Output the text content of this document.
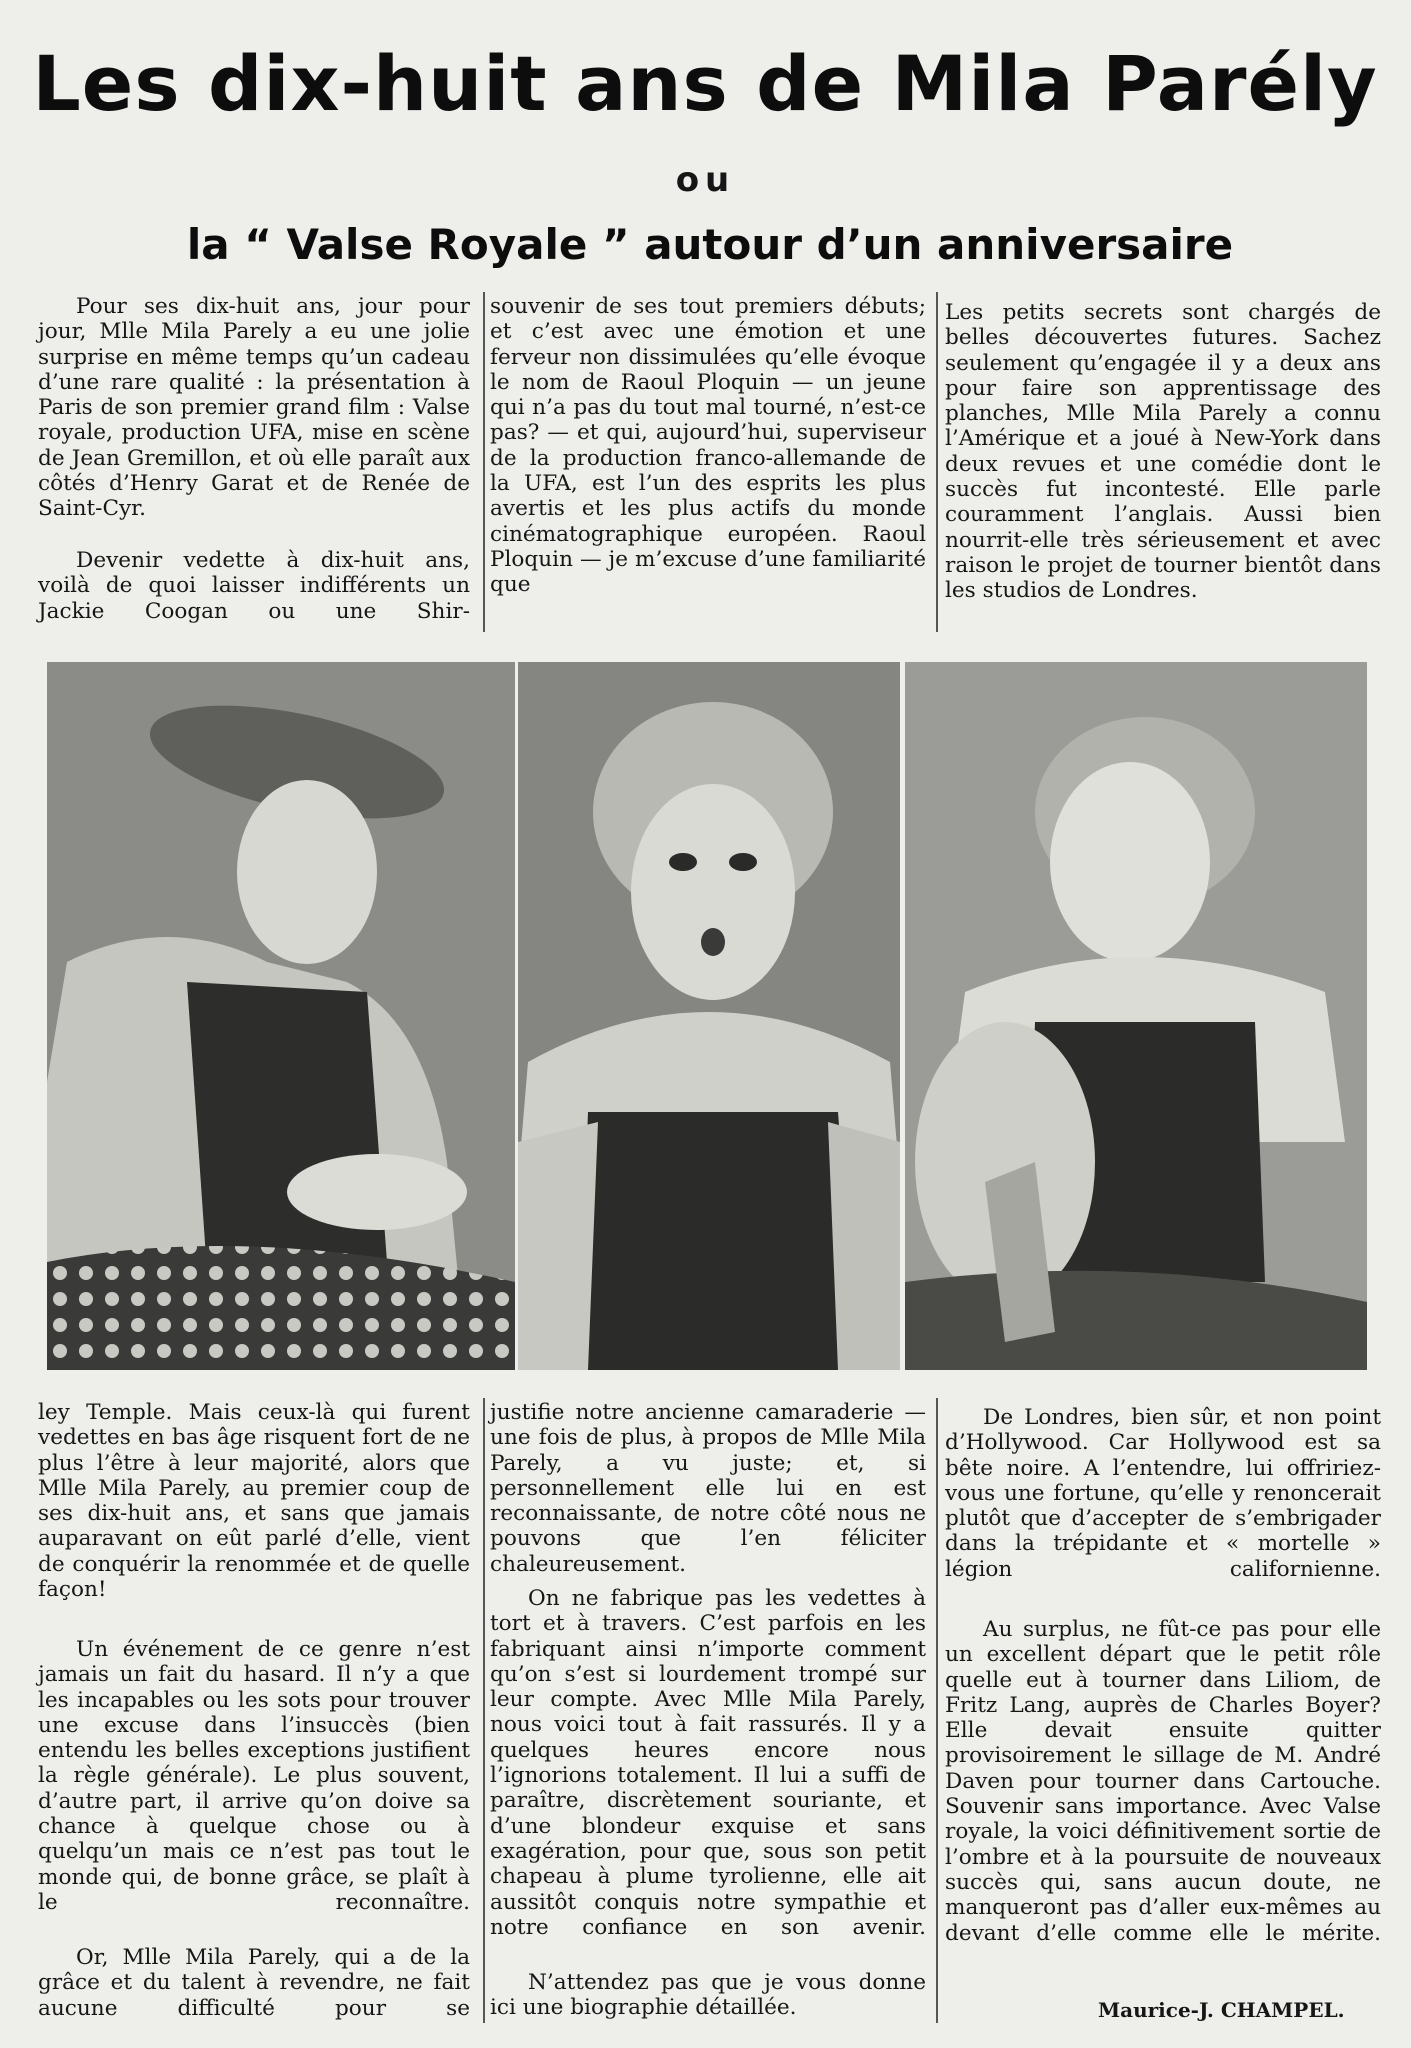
Les dix-huit ans de Mila Parély
ou
la “ Valse Royale ” autour d’un anniversaire

Pour ses dix-huit ans, jour pour jour, Mlle Mila Parely a eu une jolie surprise en même temps qu’un cadeau d’une rare qualité : la présentation à Paris de son premier grand film : Valse royale, production UFA, mise en scène de Jean Gremillon, et où elle paraît aux côtés d’Henry Garat et de Renée de Saint-Cyr.

Devenir vedette à dix-huit ans, voilà de quoi laisser indifférents un Jackie Coogan ou une Shir-

souvenir de ses tout premiers débuts; et c’est avec une émotion et une ferveur non dissimulées qu’elle évoque le nom de Raoul Ploquin — un jeune qui n’a pas du tout mal tourné, n’est-ce pas? — et qui, aujourd’hui, superviseur de la production franco-allemande de la UFA, est l’un des esprits les plus avertis et les plus actifs du monde cinématographique européen. Raoul Ploquin — je m’excuse d’une familiarité que

Les petits secrets sont chargés de belles découvertes futures. Sachez seulement qu’engagée il y a deux ans pour faire son apprentissage des planches, Mlle Mila Parely a connu l’Amérique et a joué à New-York dans deux revues et une comédie dont le succès fut incontesté. Elle parle couramment l’anglais. Aussi bien nourrit-elle très sérieusement et avec raison le projet de tourner bientôt dans les studios de Londres.

ley Temple. Mais ceux-là qui furent vedettes en bas âge risquent fort de ne plus l’être à leur majorité, alors que Mlle Mila Parely, au premier coup de ses dix-huit ans, et sans que jamais auparavant on eût parlé d’elle, vient de conquérir la renommée et de quelle façon!

Un événement de ce genre n’est jamais un fait du hasard. Il n’y a que les incapables ou les sots pour trouver une excuse dans l’insuccès (bien entendu les belles exceptions justifient la règle générale). Le plus souvent, d’autre part, il arrive qu’on doive sa chance à quelque chose ou à quelqu’un mais ce n’est pas tout le monde qui, de bonne grâce, se plaît à le reconnaître.

Or, Mlle Mila Parely, qui a de la grâce et du talent à revendre, ne fait aucune difficulté pour se

justifie notre ancienne camaraderie — une fois de plus, à propos de Mlle Mila Parely, a vu juste; et, si personnellement elle lui en est reconnaissante, de notre côté nous ne pouvons que l’en féliciter chaleureusement.

On ne fabrique pas les vedettes à tort et à travers. C’est parfois en les fabriquant ainsi n’importe comment qu’on s’est si lourdement trompé sur leur compte. Avec Mlle Mila Parely, nous voici tout à fait rassurés. Il y a quelques heures encore nous l’ignorions totalement. Il lui a suffi de paraître, discrètement souriante, et d’une blondeur exquise et sans exagération, pour que, sous son petit chapeau à plume tyrolienne, elle ait aussitôt conquis notre sympathie et notre confiance en son avenir.

N’attendez pas que je vous donne ici une biographie détaillée.

De Londres, bien sûr, et non point d’Hollywood. Car Hollywood est sa bête noire. A l’entendre, lui offririez-vous une fortune, qu’elle y renoncerait plutôt que d’accepter de s’embrigader dans la trépidante et « mortelle » légion californienne.

Au surplus, ne fût-ce pas pour elle un excellent départ que le petit rôle quelle eut à tourner dans Liliom, de Fritz Lang, auprès de Charles Boyer? Elle devait ensuite quitter provisoirement le sillage de M. André Daven pour tourner dans Cartouche. Souvenir sans importance. Avec Valse royale, la voici définitivement sortie de l’ombre et à la poursuite de nouveaux succès qui, sans aucun doute, ne manqueront pas d’aller eux-mêmes au devant d’elle comme elle le mérite.

Maurice-J. CHAMPEL.
